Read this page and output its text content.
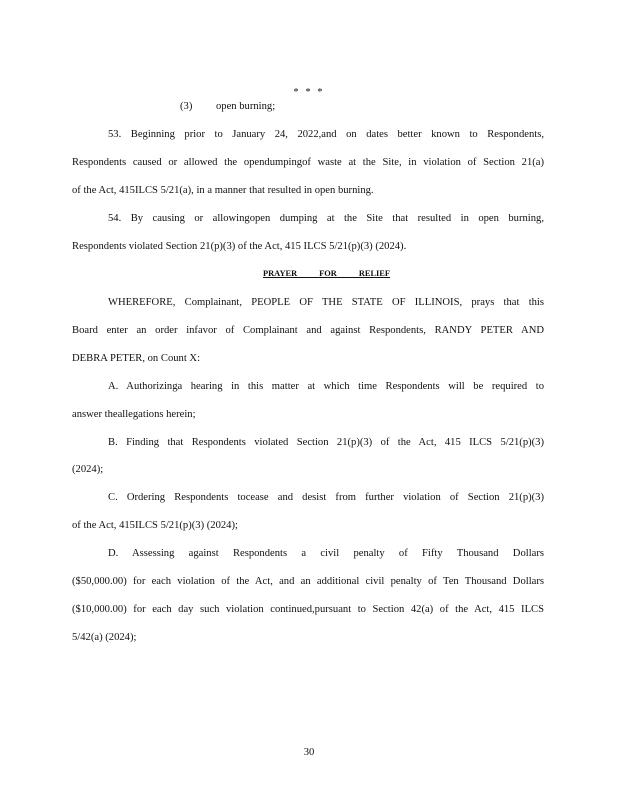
* * *
(3) open burning;
53. Beginning prior to January 24, 2022,and on dates better known to Respondents,
Respondents caused or allowed the opendumpingof waste at the Site, in violation of Section 21(a)
of the Act, 415ILCS 5/21(a), in a manner that resulted in open burning.
54. By causing or allowingopen dumping at the Site that resulted in open burning,
Respondents violated Section 21(p)(3) of the Act, 415 ILCS 5/21(p)(3) (2024).
PRAYER FOR RELIEF
WHEREFORE, Complainant, PEOPLE OF THE STATE OF ILLINOIS, prays that this
Board enter an order infavor of Complainant and against Respondents, RANDY PETER AND
DEBRA PETER, on Count X:
A. Authorizinga hearing in this matter at which time Respondents will be required to
answer theallegations herein;
B. Finding that Respondents violated Section 21(p)(3) of the Act, 415 ILCS 5/21(p)(3)
(2024);
C. Ordering Respondents tocease and desist from further violation of Section 21(p)(3)
of the Act, 415ILCS 5/21(p)(3) (2024);
D. Assessing against Respondents a civil penalty of Fifty Thousand Dollars
($50,000.00) for each violation of the Act, and an additional civil penalty of Ten Thousand Dollars
($10,000.00) for each day such violation continued,pursuant to Section 42(a) of the Act, 415 ILCS
5/42(a) (2024);
30
